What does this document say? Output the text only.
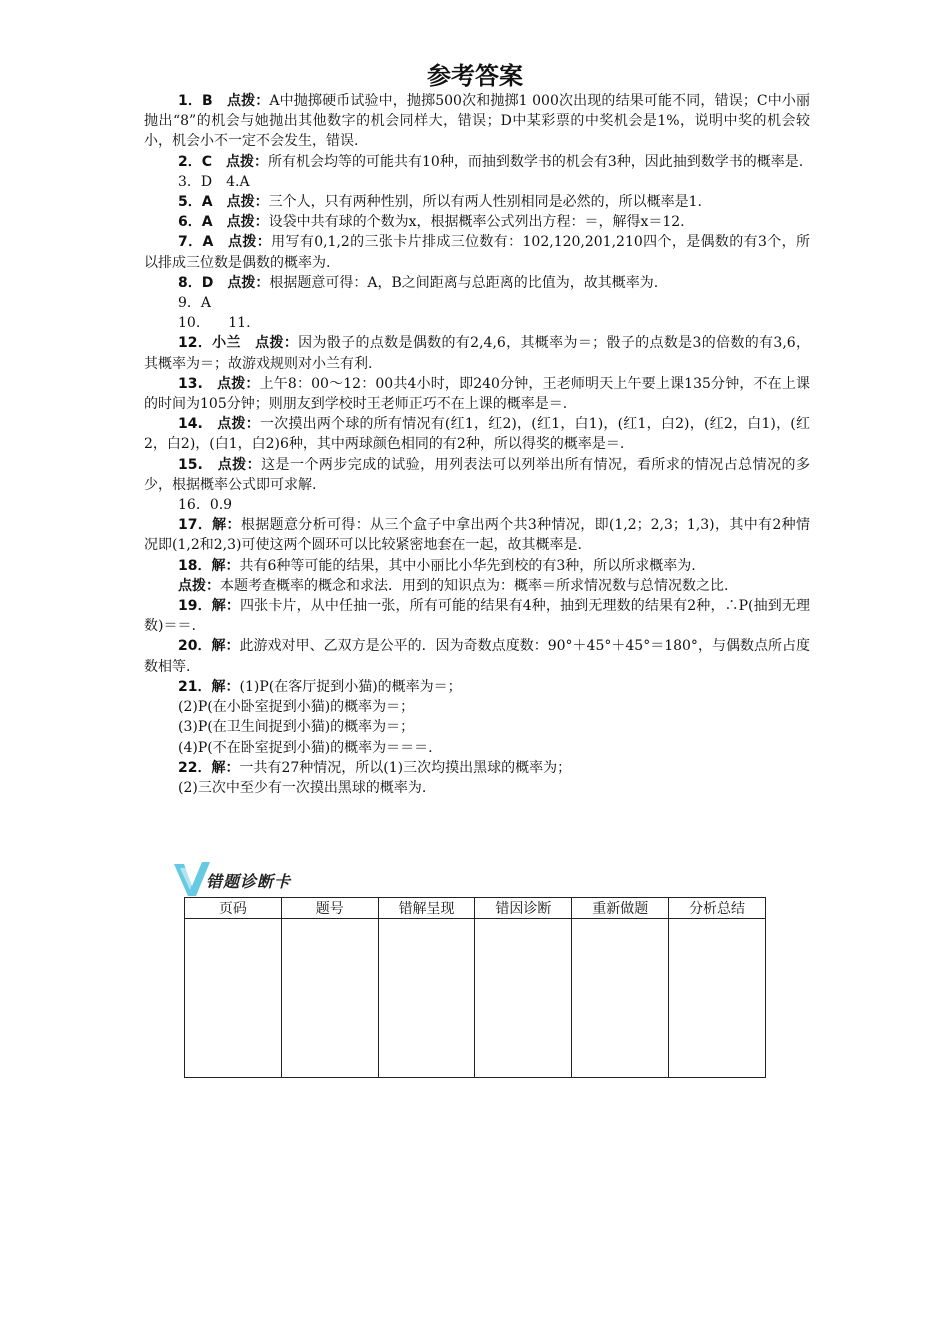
参考答案

1．B　点拨：A中抛掷硬币试验中，抛掷500次和抛掷1 000次出现的结果可能不同，错误；C中小丽抛出“8”的机会与她抛出其他数字的机会同样大，错误；D中某彩票的中奖机会是1%，说明中奖的机会较小，机会小不一定不会发生，错误.

2．C　点拨：所有机会均等的可能共有10种，而抽到数学书的机会有3种，因此抽到数学书的概率是.

3．D　4.A

5．A　点拨：三个人，只有两种性别，所以有两人性别相同是必然的，所以概率是1.

6．A　点拨：设袋中共有球的个数为x，根据概率公式列出方程：＝，解得x＝12.

7．A　点拨：用写有0,1,2的三张卡片排成三位数有：102,120,201,210四个，是偶数的有3个，所以排成三位数是偶数的概率为.

8．D　点拨：根据题意可得：A，B之间距离与总距离的比值为，故其概率为.

9．A

10.　　11.

12．小兰　点拨：因为骰子的点数是偶数的有2,4,6，其概率为＝；骰子的点数是3的倍数的有3,6，其概率为＝；故游戏规则对小兰有利.

13.　点拨：上午8：00～12：00共4小时，即240分钟，王老师明天上午要上课135分钟，不在上课的时间为105分钟；则朋友到学校时王老师正巧不在上课的概率是＝.

14.　点拨：一次摸出两个球的所有情况有(红1，红2)，(红1，白1)，(红1，白2)，(红2，白1)，(红2，白2)，(白1，白2)6种，其中两球颜色相同的有2种，所以得奖的概率是＝.

15.　点拨：这是一个两步完成的试验，用列表法可以列举出所有情况，看所求的情况占总情况的多少，根据概率公式即可求解.

16．0.9

17．解：根据题意分析可得：从三个盒子中拿出两个共3种情况，即(1,2；2,3；1,3)，其中有2种情况即(1,2和2,3)可使这两个圆环可以比较紧密地套在一起，故其概率是.

18．解：共有6种等可能的结果，其中小丽比小华先到校的有3种，所以所求概率为.

点拨：本题考查概率的概念和求法．用到的知识点为：概率＝所求情况数与总情况数之比.

19．解：四张卡片，从中任抽一张，所有可能的结果有4种，抽到无理数的结果有2种，∴P(抽到无理数)＝＝.

20．解：此游戏对甲、乙双方是公平的．因为奇数点度数：90°＋45°＋45°＝180°，与偶数点所占度数相等.

21．解：(1)P(在客厅捉到小猫)的概率为＝；

(2)P(在小卧室捉到小猫)的概率为＝；

(3)P(在卫生间捉到小猫)的概率为＝；

(4)P(不在卧室捉到小猫)的概率为＝＝＝.

22．解：一共有27种情况，所以(1)三次均摸出黑球的概率为；

(2)三次中至少有一次摸出黑球的概率为.

错题诊断卡
页码	题号	错解呈现	错因诊断	重新做题	分析总结
